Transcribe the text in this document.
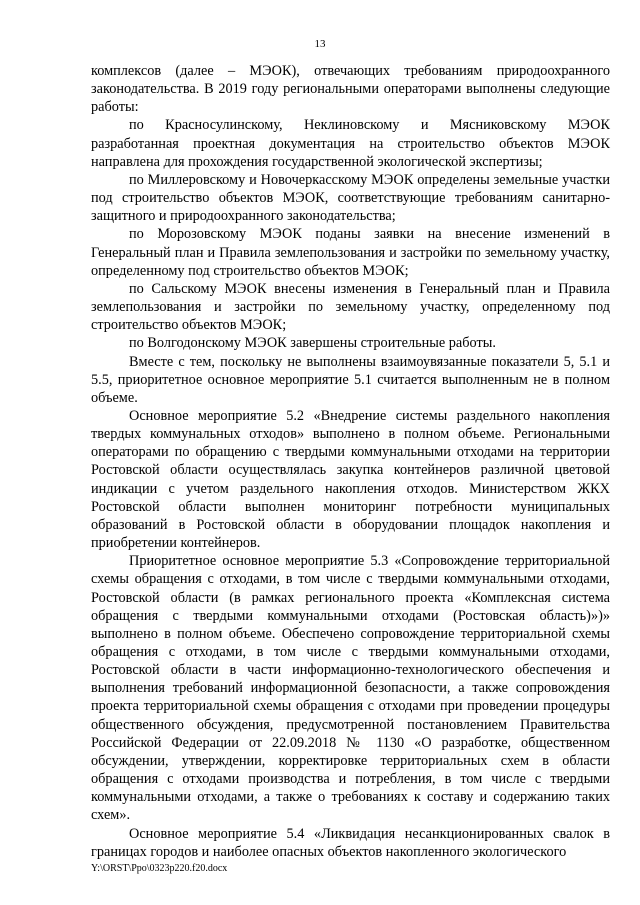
13

комплексов (далее – МЭОК), отвечающих требованиям природоохранного законодательства. В 2019 году региональными операторами выполнены следующие работы:

по Красносулинскому, Неклиновскому и Мясниковскому МЭОК разработанная проектная документация на строительство объектов МЭОК направлена для прохождения государственной экологической экспертизы;

по Миллеровскому и Новочеркасскому МЭОК определены земельные участки под строительство объектов МЭОК, соответствующие требованиям санитарно-защитного и природоохранного законодательства;

по Морозовскому МЭОК поданы заявки на внесение изменений в Генеральный план и Правила землепользования и застройки по земельному участку, определенному под строительство объектов МЭОК;

по Сальскому МЭОК внесены изменения в Генеральный план и Правила землепользования и застройки по земельному участку, определенному под строительство объектов МЭОК;

по Волгодонскому МЭОК завершены строительные работы.

Вместе с тем, поскольку не выполнены взаимоувязанные показатели 5, 5.1 и 5.5, приоритетное основное мероприятие 5.1 считается выполненным не в полном объеме.

Основное мероприятие 5.2 «Внедрение системы раздельного накопления твердых коммунальных отходов» выполнено в полном объеме. Региональными операторами по обращению с твердыми коммунальными отходами на территории Ростовской области осуществлялась закупка контейнеров различной цветовой индикации с учетом раздельного накопления отходов. Министерством ЖКХ Ростовской области выполнен мониторинг потребности муниципальных образований в Ростовской области в оборудовании площадок накопления и приобретении контейнеров.

Приоритетное основное мероприятие 5.3 «Сопровождение территориальной схемы обращения с отходами, в том числе с твердыми коммунальными отходами, Ростовской области (в рамках регионального проекта «Комплексная система обращения с твердыми коммунальными отходами (Ростовская область)»)» выполнено в полном объеме. Обеспечено сопровождение территориальной схемы обращения с отходами, в том числе с твердыми коммунальными отходами, Ростовской области в части информационно-технологического обеспечения и выполнения требований информационной безопасности, а также сопровождения проекта территориальной схемы обращения с отходами при проведении процедуры общественного обсуждения, предусмотренной постановлением Правительства Российской Федерации от 22.09.2018 № 1130 «О разработке, общественном обсуждении, утверждении, корректировке территориальных схем в области обращения с отходами производства и потребления, в том числе с твердыми коммунальными отходами, а также о требованиях к составу и содержанию таких схем».

Основное мероприятие 5.4 «Ликвидация несанкционированных свалок в границах городов и наиболее опасных объектов накопленного экологического

Y:\ORST\Ppo\0323p220.f20.docx
